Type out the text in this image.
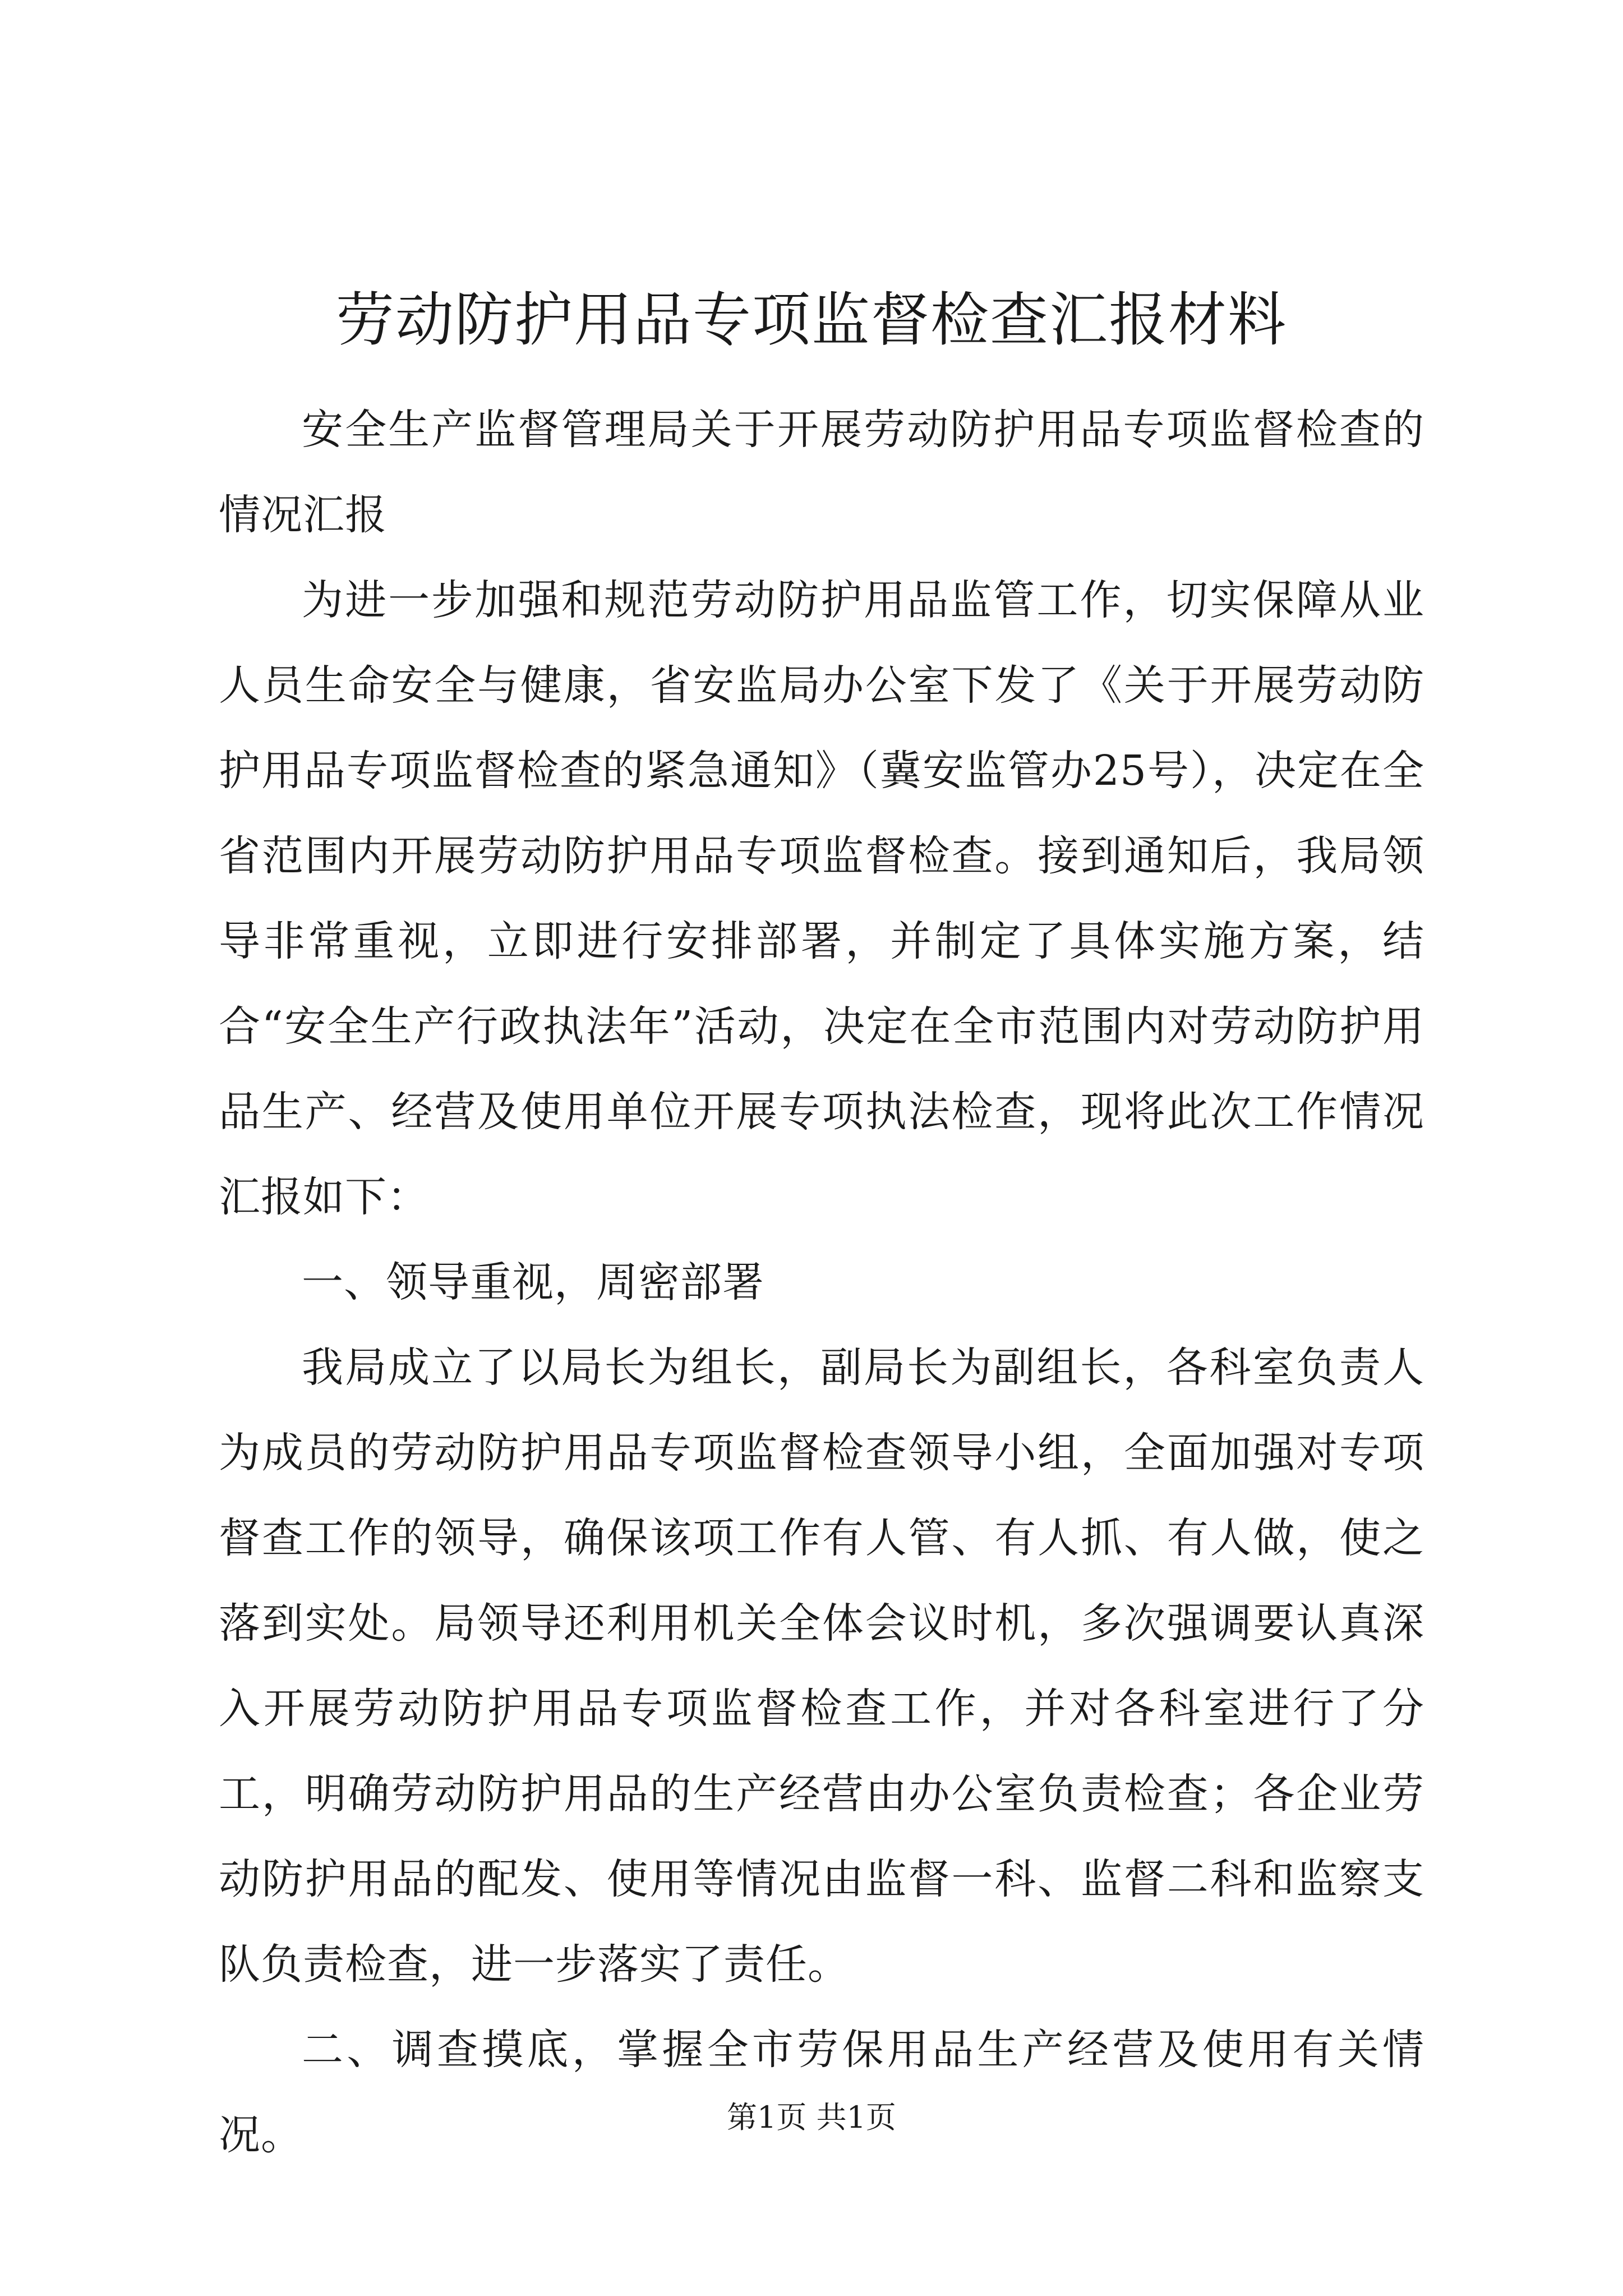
劳动防护用品专项监督检查汇报材料

安全生产监督管理局关于开展劳动防护用品专项监督检查的情况汇报

为进一步加强和规范劳动防护用品监管工作，切实保障从业人员生命安全与健康，省安监局办公室下发了《关于开展劳动防护用品专项监督检查的紧急通知》（冀安监管办25号），决定在全省范围内开展劳动防护用品专项监督检查。接到通知后，我局领导非常重视，立即进行安排部署，并制定了具体实施方案，结合“安全生产行政执法年”活动，决定在全市范围内对劳动防护用品生产、经营及使用单位开展专项执法检查，现将此次工作情况汇报如下：

一、领导重视，周密部署

我局成立了以局长为组长，副局长为副组长，各科室负责人为成员的劳动防护用品专项监督检查领导小组，全面加强对专项督查工作的领导，确保该项工作有人管、有人抓、有人做，使之落到实处。局领导还利用机关全体会议时机，多次强调要认真深入开展劳动防护用品专项监督检查工作，并对各科室进行了分工，明确劳动防护用品的生产经营由办公室负责检查；各企业劳动防护用品的配发、使用等情况由监督一科、监督二科和监察支队负责检查，进一步落实了责任。

二、调查摸底，掌握全市劳保用品生产经营及使用有关情况。	第1页 共1页
